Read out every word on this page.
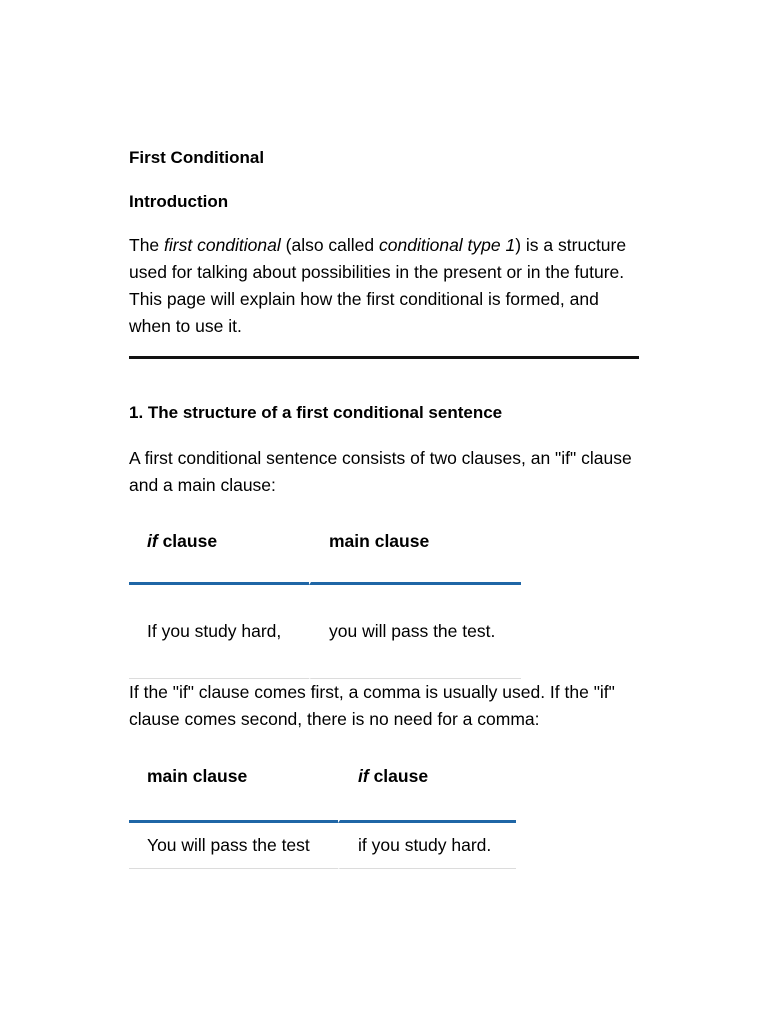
First Conditional
Introduction

The first conditional (also called conditional type 1) is a structure used for talking about possibilities in the present or in the future. This page will explain how the first conditional is formed, and when to use it.

1. The structure of a first conditional sentence

A first conditional sentence consists of two clauses, an "if" clause and a main clause:

if clause	main clause
If you study hard,	you will pass the test.

If the "if" clause comes first, a comma is usually used. If the "if" clause comes second, there is no need for a comma:

main clause	if clause
You will pass the test	if you study hard.
